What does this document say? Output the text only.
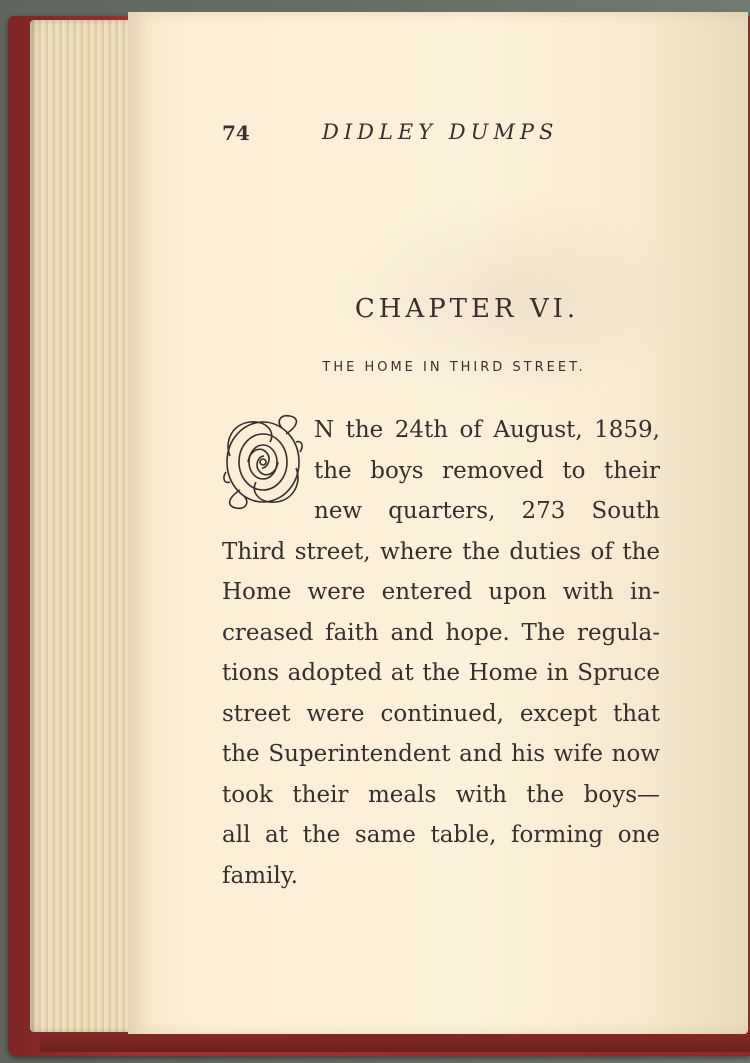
74	DIDLEY DUMPS
CHAPTER VI.
THE HOME IN THIRD STREET.
N the 24th of August, 1859,
the boys removed to their
new quarters, 273 South
Third street, where the duties of the
Home were entered upon with in-
creased faith and hope. The regula-
tions adopted at the Home in Spruce
street were continued, except that
the Superintendent and his wife now
took their meals with the boys—
all at the same table, forming one
family.
